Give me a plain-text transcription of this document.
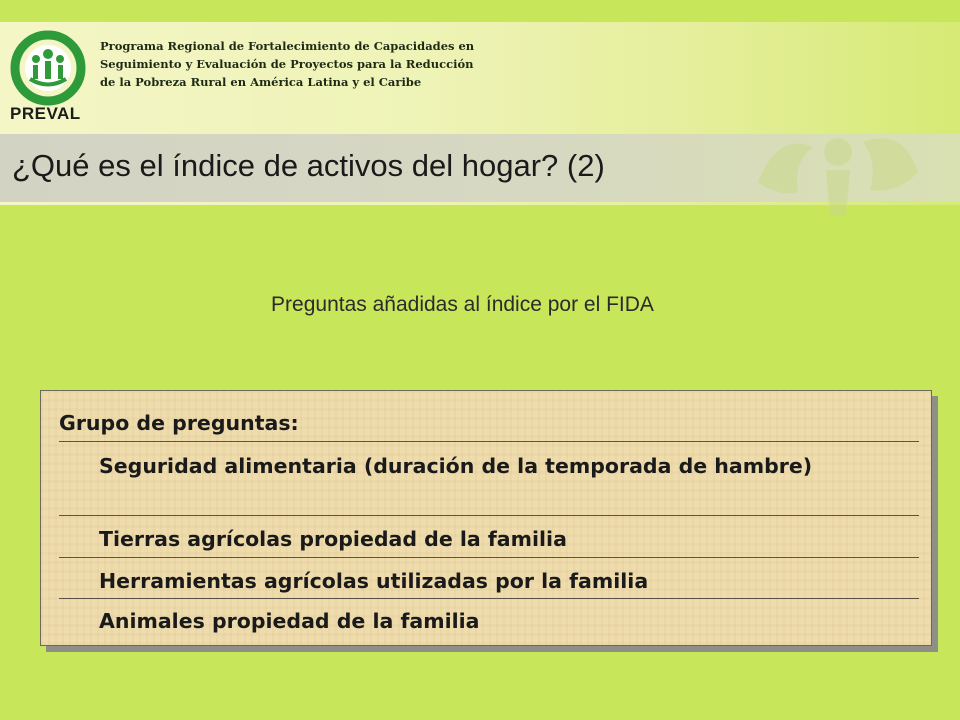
PREVAL
Programa Regional de Fortalecimiento de Capacidades en
Seguimiento y Evaluación de Proyectos para la Reducción
de la Pobreza Rural en América Latina y el Caribe
¿Qué es el índice de activos del hogar? (2)
Preguntas añadidas al índice por el FIDA
Grupo de preguntas:
Seguridad alimentaria (duración de la temporada de hambre)
Tierras agrícolas propiedad de la familia
Herramientas agrícolas utilizadas por la familia
Animales propiedad de la familia
